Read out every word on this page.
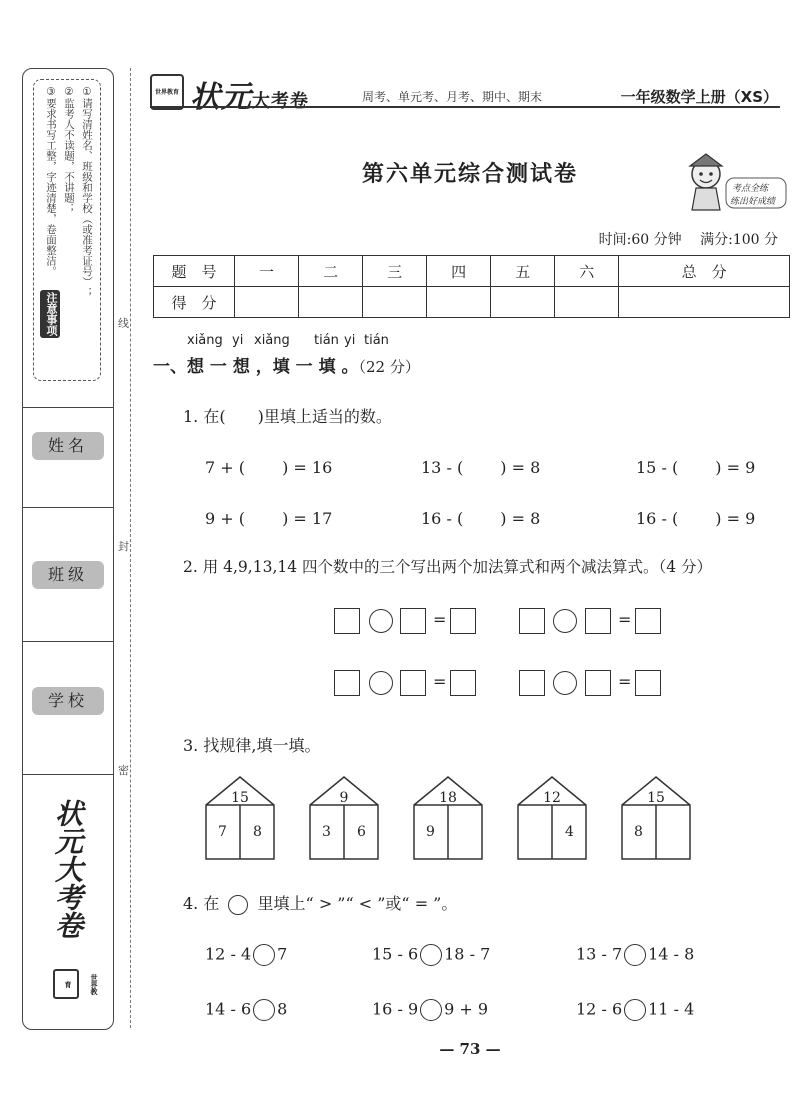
①请写清姓名、班级和学校（或准考证号）；
②监考人不读题，不讲题；
③要求书写工整，字迹清楚，卷面整洁。
注意事项
姓名
班级
学校
状元大考卷
世界教育
线
封
密
世界教育 状元大考卷	周考、单元考、月考、期中、期末	一年级数学上册（XS）
第六单元综合测试卷
考点全练
练出好成绩
时间:60 分钟　 满分:100 分
题　号	一	二	三	四	五	六	总　分
得　分							
xiǎng yi xiǎng tián yi tián
一、想 一 想 ，填 一 填 。（22 分）
1. 在(　　)里填上适当的数。
7 + (　　 ) = 16	13 - (　　 ) = 8	15 - (　　 ) = 9
9 + (　　 ) = 17	16 - (　　 ) = 8	16 - (　　 ) = 9
2. 用 4,9,13,14 四个数中的三个写出两个加法算式和两个减法算式。（4 分）
=	=
=	=
3. 找规律,填一填。
15
7	8
9
3	6
18
9
12
4
15
8
4. 在 里填上“ > ”“ < ”或“ = ”。
12 - 4 7	15 - 6 18 - 7	13 - 7 14 - 8
14 - 6 8	16 - 9 9 + 9	12 - 6 11 - 4
— 73 —
